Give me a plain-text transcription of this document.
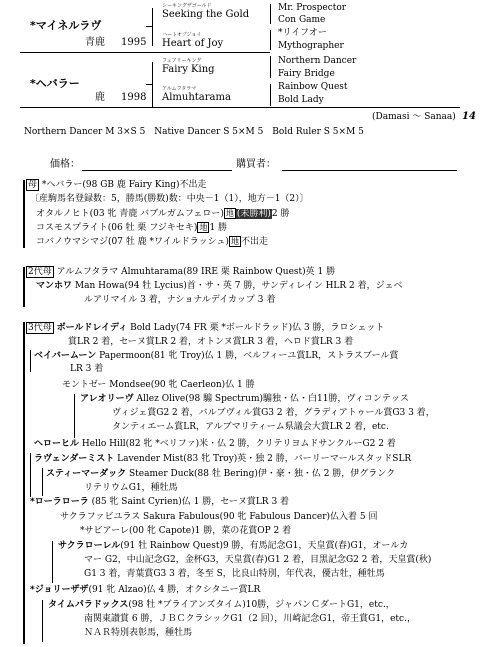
*マイネルラヴ
青鹿 1995
*ヘバラー
鹿 1998
シーキングザゴールド
Seeking the Gold
ハートオブジョイ
Heart of Joy
フェアリーキング
Fairy King
アルムフタラマ
Almuhtarama
Mr. Prospector
Con Game
*リイフオー
Mythographer
Northern Dancer
Fairy Bridge
Rainbow Quest
Bold Lady
(Damasi ～ Sanaa) 14
Northern Dancer M 3×S 5　Native Dancer S 5×M 5　Bold Ruler S 5×M 5
価格：	購買者：
母 *ヘバラー(98 GB 鹿 Fairy King)不出走
〔産駒馬名登録数：5，勝馬(勝数)数：中央－1（1），地方－1（2）〕
オタルノヒト(03 牝 青鹿 バブルガムフェロー) 地 (未勝利)2 勝
コスモスプライト(06 牡 栗 フジキセキ) 地 1 勝
コバノウマシマジ(07 牡 鹿 *ワイルドラッシュ) 地 不出走
2代母 アルムフタラマ Almuhtarama(89 IRE 栗 Rainbow Quest)英 1 勝
マンホワ Man Howa(94 牡 Lycius)首・サ・英 7 勝，サンディレイン HLR 2 着，ジェベ
ルアリマイル 3 着，ナショナルデイカップ 3 着
3代母 ボールドレイディ Bold Lady(74 FR 栗 *ボールドラッド)仏 3 勝，ラロシェット
賞LR 2 着，セーヌ賞LR 2 着，オトンヌ賞LR 3 着，ヘロド賞LR 3 着
ベイバームーン Papermoon(81 牝 Troy)仏 1 勝，ベルフィーユ賞LR，ストラスブール賞
LR 3 着
モントゼー Mondsee(90 牝 Caerleon)仏 1 勝
アレオリーヴ Allez Olive(98 騸 Spectrum)騸独・仏・白11勝，ヴィコンテッス
ヴィジェ賞G2 2 着，バルブヴィル賞G3 2 着，グラディアトゥール賞G3 3 着，
タンティエーム賞LR，アルブマリティーム県議会大賞LR 2 着，etc.
ヘローヒル Hello Hill(82 牝 *ベリファ)米・仏 2 勝，クリテリヨムドサンクルーG2 2 着
ラヴェンダーミスト Lavender Mist(83 牝 Troy)英・独 2 勝，バーリーマールスタッドSLR
スティーマーダック Steamer Duck(88 牡 Bering)伊・豪・独・仏 2 勝，伊グランク
リテリウムG1，種牡馬
*ローラローラ (85 牝 Saint Cyrien)仏 1 勝，セーヌ賞LR 3 着
サクラファビユラス Sakura Fabulous(90 牝 Fabulous Dancer)仏入着 5 回
*サビアーレ(00 牝 Capote)1 勝，菜の花賞OP 2 着
サクラローレル(91 牡 Rainbow Quest)9 勝，有馬記念G1，天皇賞(春)G1，オールカ
マー G2，中山記念G2，金杯G3，天皇賞(春)G1 2 着，目黒記念G2 2 着，天皇賞(秋)
G1 3 着，青葉賞G3 3 着，冬至 S，比良山特別，年代表，優古牡，種牡馬
*ジョリーザザ(91 牝 Alzao)仏 4 勝，オクシタニー賞LR
タイムパラドックス(98 牡 *ブライアンズタイム)10勝，ジャパンＣダートG1，etc.，
南関東讃賞 6 勝，ＪＢＣクラシックG1（2 回），川崎記念G1，帝王賞G1，etc.，
ＮＡＲ特別表彰馬，種牡馬
